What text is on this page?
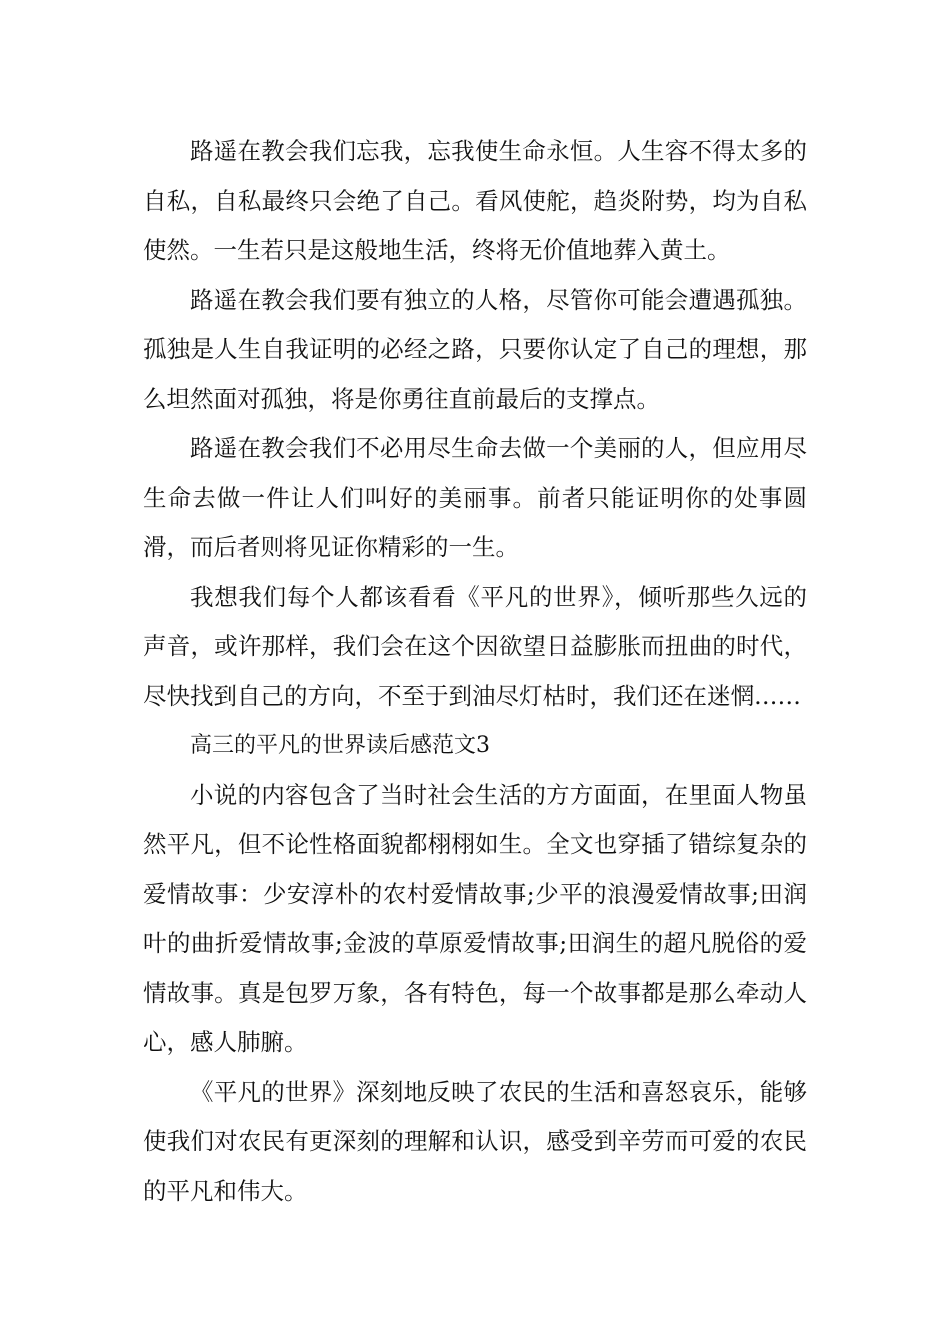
路遥在教会我们忘我，忘我使生命永恒。人生容不得太多的自私，自私最终只会绝了自己。看风使舵，趋炎附势，均为自私使然。一生若只是这般地生活，终将无价值地葬入黄土。

路遥在教会我们要有独立的人格，尽管你可能会遭遇孤独。孤独是人生自我证明的必经之路，只要你认定了自己的理想，那么坦然面对孤独，将是你勇往直前最后的支撑点。

路遥在教会我们不必用尽生命去做一个美丽的人，但应用尽生命去做一件让人们叫好的美丽事。前者只能证明你的处事圆滑，而后者则将见证你精彩的一生。

我想我们每个人都该看看《平凡的世界》，倾听那些久远的声音，或许那样，我们会在这个因欲望日益膨胀而扭曲的时代，尽快找到自己的方向，不至于到油尽灯枯时，我们还在迷惘……

高三的平凡的世界读后感范文3

小说的内容包含了当时社会生活的方方面面，在里面人物虽然平凡，但不论性格面貌都栩栩如生。全文也穿插了错综复杂的爱情故事：少安淳朴的农村爱情故事;少平的浪漫爱情故事;田润叶的曲折爱情故事;金波的草原爱情故事;田润生的超凡脱俗的爱情故事。真是包罗万象，各有特色，每一个故事都是那么牵动人心，感人肺腑。

《平凡的世界》深刻地反映了农民的生活和喜怒哀乐，能够使我们对农民有更深刻的理解和认识，感受到辛劳而可爱的农民的平凡和伟大。
